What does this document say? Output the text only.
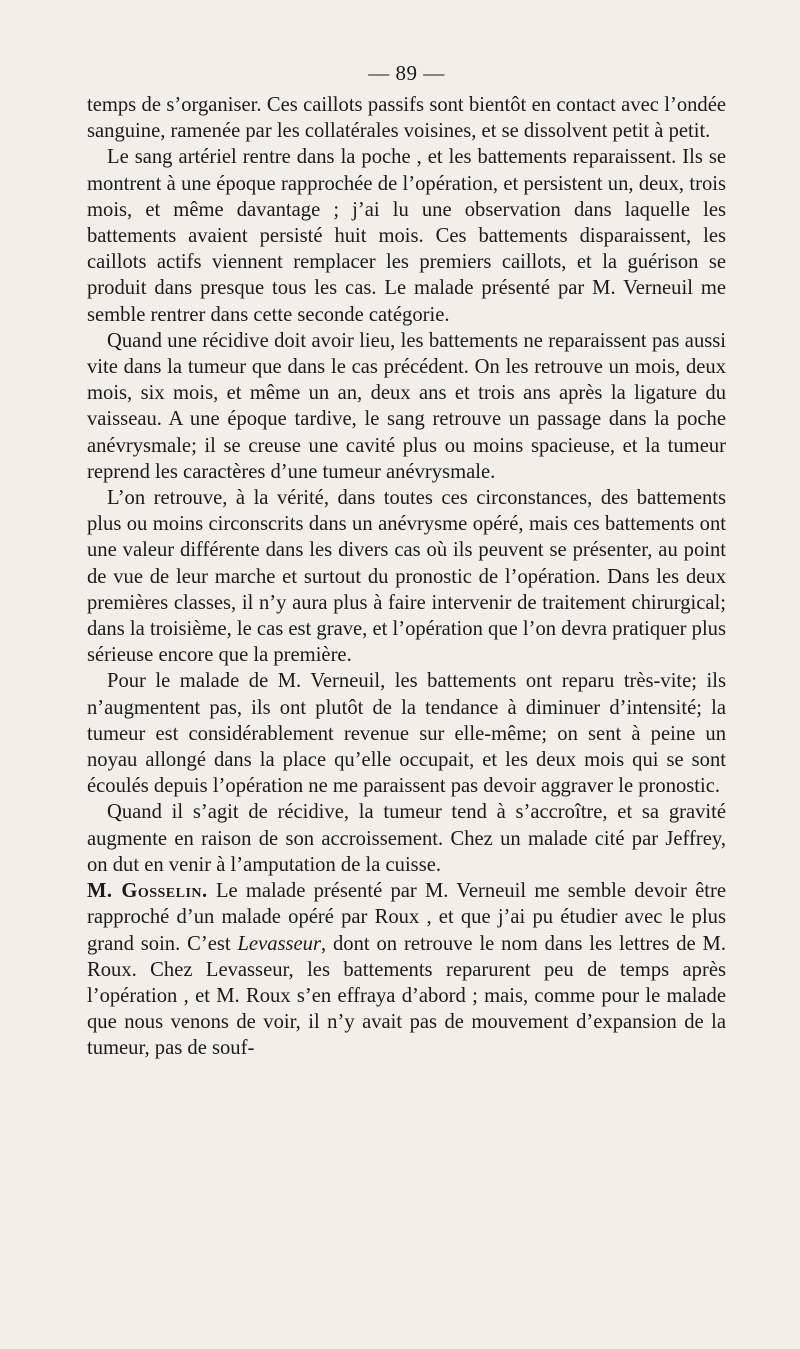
— 89 —

temps de s’organiser. Ces caillots passifs sont bientôt en contact avec l’ondée sanguine, ramenée par les collatérales voisines, et se dissolvent petit à petit.

Le sang artériel rentre dans la poche , et les battements reparaissent. Ils se montrent à une époque rapprochée de l’opération, et persistent un, deux, trois mois, et même davantage ; j’ai lu une observation dans laquelle les battements avaient persisté huit mois. Ces battements disparaissent, les caillots actifs viennent remplacer les premiers caillots, et la guérison se produit dans presque tous les cas. Le malade présenté par M. Verneuil me semble rentrer dans cette seconde catégorie.

Quand une récidive doit avoir lieu, les battements ne reparaissent pas aussi vite dans la tumeur que dans le cas précédent. On les retrouve un mois, deux mois, six mois, et même un an, deux ans et trois ans après la ligature du vaisseau. A une époque tardive, le sang retrouve un passage dans la poche anévrysmale; il se creuse une cavité plus ou moins spacieuse, et la tumeur reprend les caractères d’une tumeur anévrysmale.

L’on retrouve, à la vérité, dans toutes ces circonstances, des battements plus ou moins circonscrits dans un anévrysme opéré, mais ces battements ont une valeur différente dans les divers cas où ils peuvent se présenter, au point de vue de leur marche et surtout du pronostic de l’opération. Dans les deux premières classes, il n’y aura plus à faire intervenir de traitement chirurgical; dans la troisième, le cas est grave, et l’opération que l’on devra pratiquer plus sérieuse encore que la première.

Pour le malade de M. Verneuil, les battements ont reparu très-vite; ils n’augmentent pas, ils ont plutôt de la tendance à diminuer d’intensité; la tumeur est considérablement revenue sur elle-même; on sent à peine un noyau allongé dans la place qu’elle occupait, et les deux mois qui se sont écoulés depuis l’opération ne me paraissent pas devoir aggraver le pronostic.

Quand il s’agit de récidive, la tumeur tend à s’accroître, et sa gravité augmente en raison de son accroissement. Chez un malade cité par Jeffrey, on dut en venir à l’amputation de la cuisse.

M. Gosselin. Le malade présenté par M. Verneuil me semble devoir être rapproché d’un malade opéré par Roux , et que j’ai pu étudier avec le plus grand soin. C’est Levasseur, dont on retrouve le nom dans les lettres de M. Roux. Chez Levasseur, les battements reparurent peu de temps après l’opération , et M. Roux s’en effraya d’abord ; mais, comme pour le malade que nous venons de voir, il n’y avait pas de mouvement d’expansion de la tumeur, pas de souf-
